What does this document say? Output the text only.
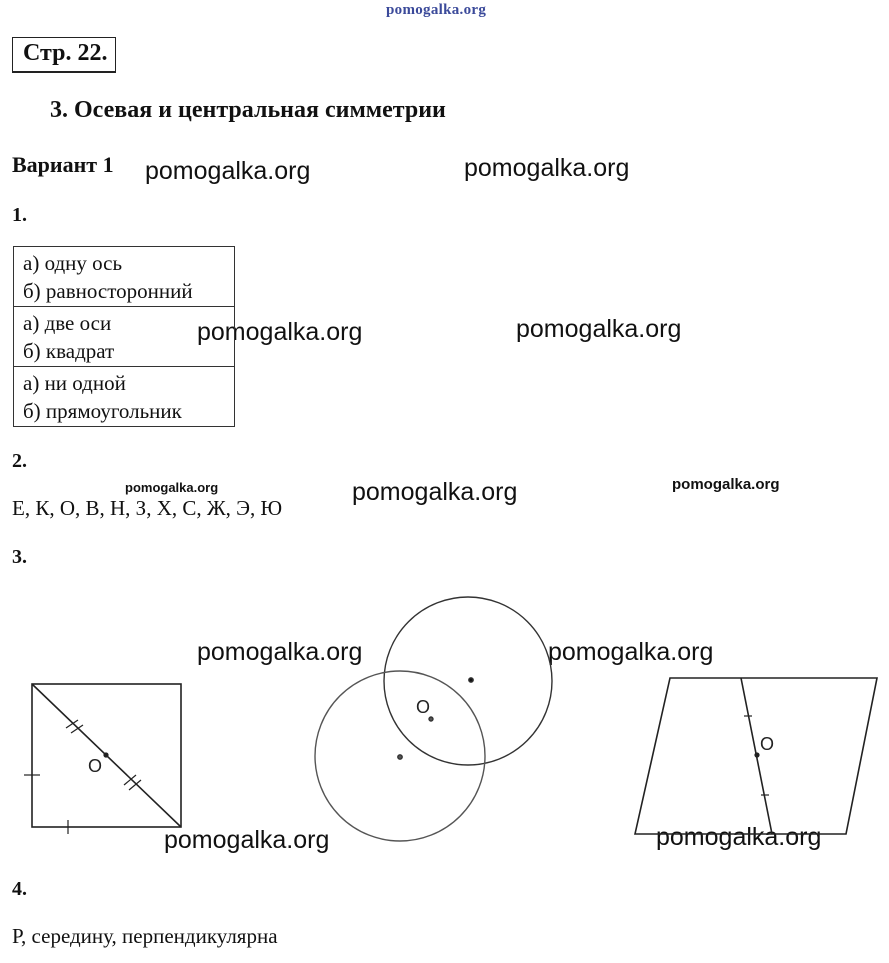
pomogalka.org
Стр. 22.
3. Осевая и центральная симметрии
Вариант 1 pomogalka.org	pomogalka.org
pomogalka.org	pomogalka.org
pomogalka.org	pomogalka.org	pomogalka.org
pomogalka.org	pomogalka.org
pomogalka.org	pomogalka.org
1.
а) одну ось
б) равносторонний

а) две оси
б) квадрат

а) ни одной
б) прямоугольник
2.
Е, К, О, В, Н, З, Х, С, Ж, Э, Ю
3.
O
O
O
4.
Р, середину, перпендикулярна
